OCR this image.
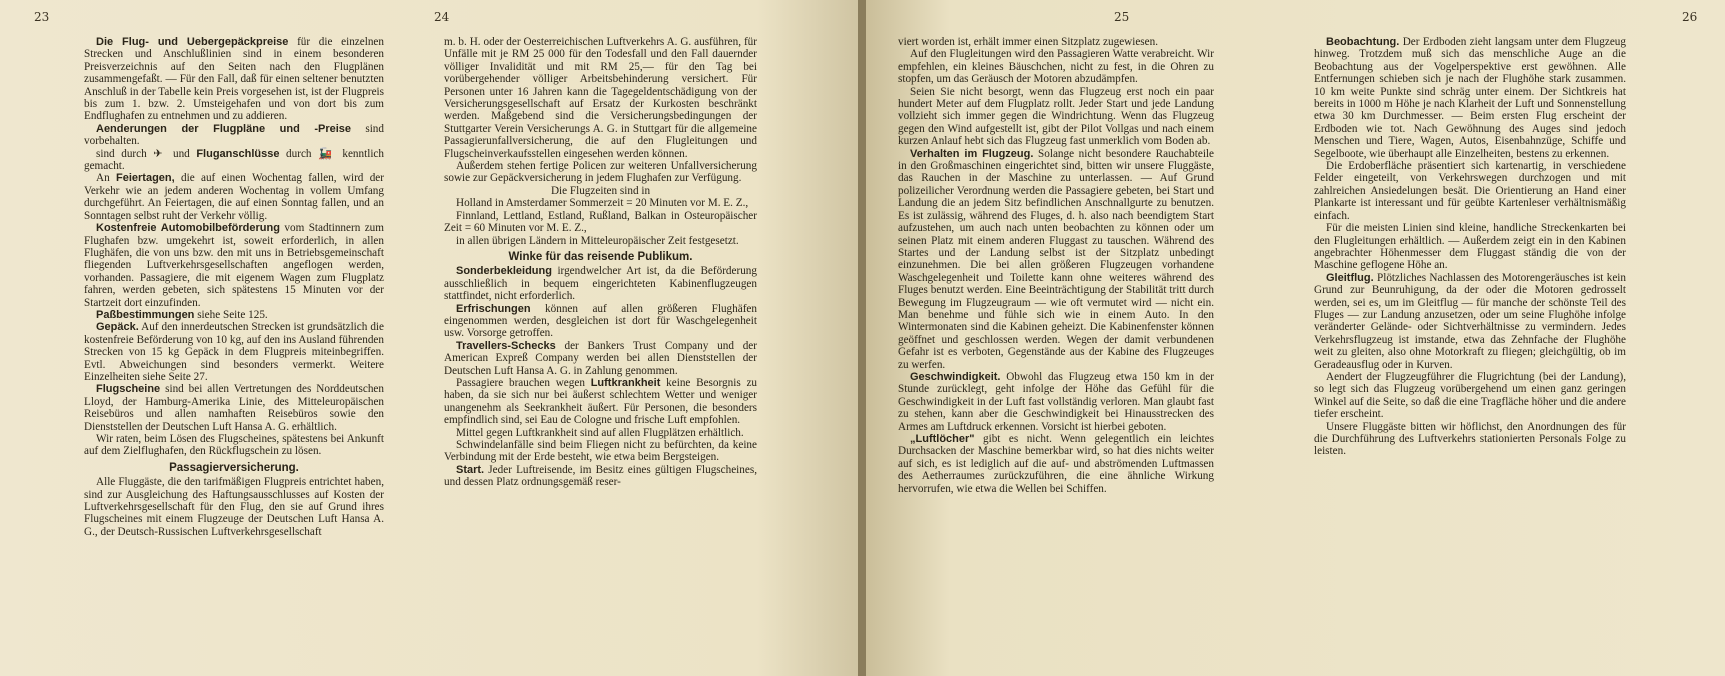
23

Die Flug- und Uebergepäckpreise für die einzelnen Strecken und Anschlußlinien sind in einem besonderen Preisverzeichnis auf den Seiten nach den Flugplänen zusammengefaßt. — Für den Fall, daß für einen seltener benutzten Anschluß in der Tabelle kein Preis vorgesehen ist, ist der Flugpreis bis zum 1. bzw. 2. Umsteigehafen und von dort bis zum Endflughafen zu entnehmen und zu addieren.

Aenderungen der Flugpläne und -Preise sind vorbehalten.

sind durch ✈ und Fluganschlüsse durch 🚂 kenntlich gemacht.

An Feiertagen, die auf einen Wochentag fallen, wird der Verkehr wie an jedem anderen Wochentag in vollem Umfang durchgeführt. An Feiertagen, die auf einen Sonntag fallen, und an Sonntagen selbst ruht der Verkehr völlig.

Kostenfreie Automobilbeförderung vom Stadtinnern zum Flughafen bzw. umgekehrt ist, soweit erforderlich, in allen Flughäfen, die von uns bzw. den mit uns in Betriebsgemeinschaft fliegenden Luftverkehrsgesellschaften angeflogen werden, vorhanden. Passagiere, die mit eigenem Wagen zum Flugplatz fahren, werden gebeten, sich spätestens 15 Minuten vor der Startzeit dort einzufinden.

Paßbestimmungen siehe Seite 125.

Gepäck. Auf den innerdeutschen Strecken ist grundsätzlich die kostenfreie Beförderung von 10 kg, auf den ins Ausland führenden Strecken von 15 kg Gepäck in dem Flugpreis miteinbegriffen. Evtl. Abweichungen sind besonders vermerkt. Weitere Einzelheiten siehe Seite 27.

Flugscheine sind bei allen Vertretungen des Norddeutschen Lloyd, der Hamburg-Amerika Linie, des Mitteleuropäischen Reisebüros und allen namhaften Reisebüros sowie den Dienststellen der Deutschen Luft Hansa A. G. erhältlich.

Wir raten, beim Lösen des Flugscheines, spätestens bei Ankunft auf dem Zielflughafen, den Rückflugschein zu lösen.

Passagierversicherung.

Alle Fluggäste, die den tarifmäßigen Flugpreis entrichtet haben, sind zur Ausgleichung des Haftungsausschlusses auf Kosten der Luftverkehrsgesellschaft für den Flug, den sie auf Grund ihres Flugscheines mit einem Flugzeuge der Deutschen Luft Hansa A. G., der Deutsch-Russischen Luftverkehrsgesellschaft

24

m. b. H. oder der Oesterreichischen Luftverkehrs A. G. ausführen, für Unfälle mit je RM 25 000 für den Todesfall und den Fall dauernder völliger Invalidität und mit RM 25,— für den Tag bei vorübergehender völliger Arbeitsbehinderung versichert. Für Personen unter 16 Jahren kann die Tagegeldentschädigung von der Versicherungsgesellschaft auf Ersatz der Kurkosten beschränkt werden. Maßgebend sind die Versicherungsbedingungen der Stuttgarter Verein Versicherungs A. G. in Stuttgart für die allgemeine Passagierunfallversicherung, die auf den Flugleitungen und Flugscheinverkaufsstellen eingesehen werden können.

Außerdem stehen fertige Policen zur weiteren Unfallversicherung sowie zur Gepäckversicherung in jedem Flughafen zur Verfügung.

Die Flugzeiten sind in

Holland in Amsterdamer Sommerzeit = 20 Minuten vor M. E. Z.,

Finnland, Lettland, Estland, Rußland, Balkan in Osteuropäischer Zeit = 60 Minuten vor M. E. Z.,

in allen übrigen Ländern in Mitteleuropäischer Zeit festgesetzt.

Winke für das reisende Publikum.

Sonderbekleidung irgendwelcher Art ist, da die Beförderung ausschließlich in bequem eingerichteten Kabinenflugzeugen stattfindet, nicht erforderlich.

Erfrischungen können auf allen größeren Flughäfen eingenommen werden, desgleichen ist dort für Waschgelegenheit usw. Vorsorge getroffen.

Travellers-Schecks der Bankers Trust Company und der American Expreß Company werden bei allen Dienststellen der Deutschen Luft Hansa A. G. in Zahlung genommen.

Passagiere brauchen wegen Luftkrankheit keine Besorgnis zu haben, da sie sich nur bei äußerst schlechtem Wetter und weniger unangenehm als Seekrankheit äußert. Für Personen, die besonders empfindlich sind, sei Eau de Cologne und frische Luft empfohlen.

Mittel gegen Luftkrankheit sind auf allen Flugplätzen erhältlich.

Schwindelanfälle sind beim Fliegen nicht zu befürchten, da keine Verbindung mit der Erde besteht, wie etwa beim Bergsteigen.

Start. Jeder Luftreisende, im Besitz eines gültigen Flugscheines, und dessen Platz ordnungsgemäß reser-

25

viert worden ist, erhält immer einen Sitzplatz zugewiesen.

Auf den Flugleitungen wird den Passagieren Watte verabreicht. Wir empfehlen, ein kleines Bäuschchen, nicht zu fest, in die Ohren zu stopfen, um das Geräusch der Motoren abzudämpfen.

Seien Sie nicht besorgt, wenn das Flugzeug erst noch ein paar hundert Meter auf dem Flugplatz rollt. Jeder Start und jede Landung vollzieht sich immer gegen die Windrichtung. Wenn das Flugzeug gegen den Wind aufgestellt ist, gibt der Pilot Vollgas und nach einem kurzen Anlauf hebt sich das Flugzeug fast unmerklich vom Boden ab.

Verhalten im Flugzeug. Solange nicht besondere Rauchabteile in den Großmaschinen eingerichtet sind, bitten wir unsere Fluggäste, das Rauchen in der Maschine zu unterlassen. — Auf Grund polizeilicher Verordnung werden die Passagiere gebeten, bei Start und Landung die an jedem Sitz befindlichen Anschnallgurte zu benutzen. Es ist zulässig, während des Fluges, d. h. also nach beendigtem Start aufzustehen, um auch nach unten beobachten zu können oder um seinen Platz mit einem anderen Fluggast zu tauschen. Während des Startes und der Landung selbst ist der Sitzplatz unbedingt einzunehmen. Die bei allen größeren Flugzeugen vorhandene Waschgelegenheit und Toilette kann ohne weiteres während des Fluges benutzt werden. Eine Beeinträchtigung der Stabilität tritt durch Bewegung im Flugzeugraum — wie oft vermutet wird — nicht ein. Man benehme und fühle sich wie in einem Auto. In den Wintermonaten sind die Kabinen geheizt. Die Kabinenfenster können geöffnet und geschlossen werden. Wegen der damit verbundenen Gefahr ist es verboten, Gegenstände aus der Kabine des Flugzeuges zu werfen.

Geschwindigkeit. Obwohl das Flugzeug etwa 150 km in der Stunde zurücklegt, geht infolge der Höhe das Gefühl für die Geschwindigkeit in der Luft fast vollständig verloren. Man glaubt fast zu stehen, kann aber die Geschwindigkeit bei Hinausstrecken des Armes am Luftdruck erkennen. Vorsicht ist hierbei geboten.

„Luftlöcher" gibt es nicht. Wenn gelegentlich ein leichtes Durchsacken der Maschine bemerkbar wird, so hat dies nichts weiter auf sich, es ist lediglich auf die auf- und abströmenden Luftmassen des Aetherraumes zurückzuführen, die eine ähnliche Wirkung hervorrufen, wie etwa die Wellen bei Schiffen.

26

Beobachtung. Der Erdboden zieht langsam unter dem Flugzeug hinweg. Trotzdem muß sich das menschliche Auge an die Beobachtung aus der Vogelperspektive erst gewöhnen. Alle Entfernungen schieben sich je nach der Flughöhe stark zusammen. 10 km weite Punkte sind schräg unter einem. Der Sichtkreis hat bereits in 1000 m Höhe je nach Klarheit der Luft und Sonnenstellung etwa 30 km Durchmesser. — Beim ersten Flug erscheint der Erdboden wie tot. Nach Gewöhnung des Auges sind jedoch Menschen und Tiere, Wagen, Autos, Eisenbahnzüge, Schiffe und Segelboote, wie überhaupt alle Einzelheiten, bestens zu erkennen.

Die Erdoberfläche präsentiert sich kartenartig, in verschiedene Felder eingeteilt, von Verkehrswegen durchzogen und mit zahlreichen Ansiedelungen besät. Die Orientierung an Hand einer Plankarte ist interessant und für geübte Kartenleser verhältnismäßig einfach.

Für die meisten Linien sind kleine, handliche Streckenkarten bei den Flugleitungen erhältlich. — Außerdem zeigt ein in den Kabinen angebrachter Höhenmesser dem Fluggast ständig die von der Maschine geflogene Höhe an.

Gleitflug. Plötzliches Nachlassen des Motorengeräusches ist kein Grund zur Beunruhigung, da der oder die Motoren gedrosselt werden, sei es, um im Gleitflug — für manche der schönste Teil des Fluges — zur Landung anzusetzen, oder um seine Flughöhe infolge veränderter Gelände- oder Sichtverhältnisse zu vermindern. Jedes Verkehrsflugzeug ist imstande, etwa das Zehnfache der Flughöhe weit zu gleiten, also ohne Motorkraft zu fliegen; gleichgültig, ob im Geradeausflug oder in Kurven.

Aendert der Flugzeugführer die Flugrichtung (bei der Landung), so legt sich das Flugzeug vorübergehend um einen ganz geringen Winkel auf die Seite, so daß die eine Tragfläche höher und die andere tiefer erscheint.

Unsere Fluggäste bitten wir höflichst, den Anordnungen des für die Durchführung des Luftverkehrs stationierten Personals Folge zu leisten.
